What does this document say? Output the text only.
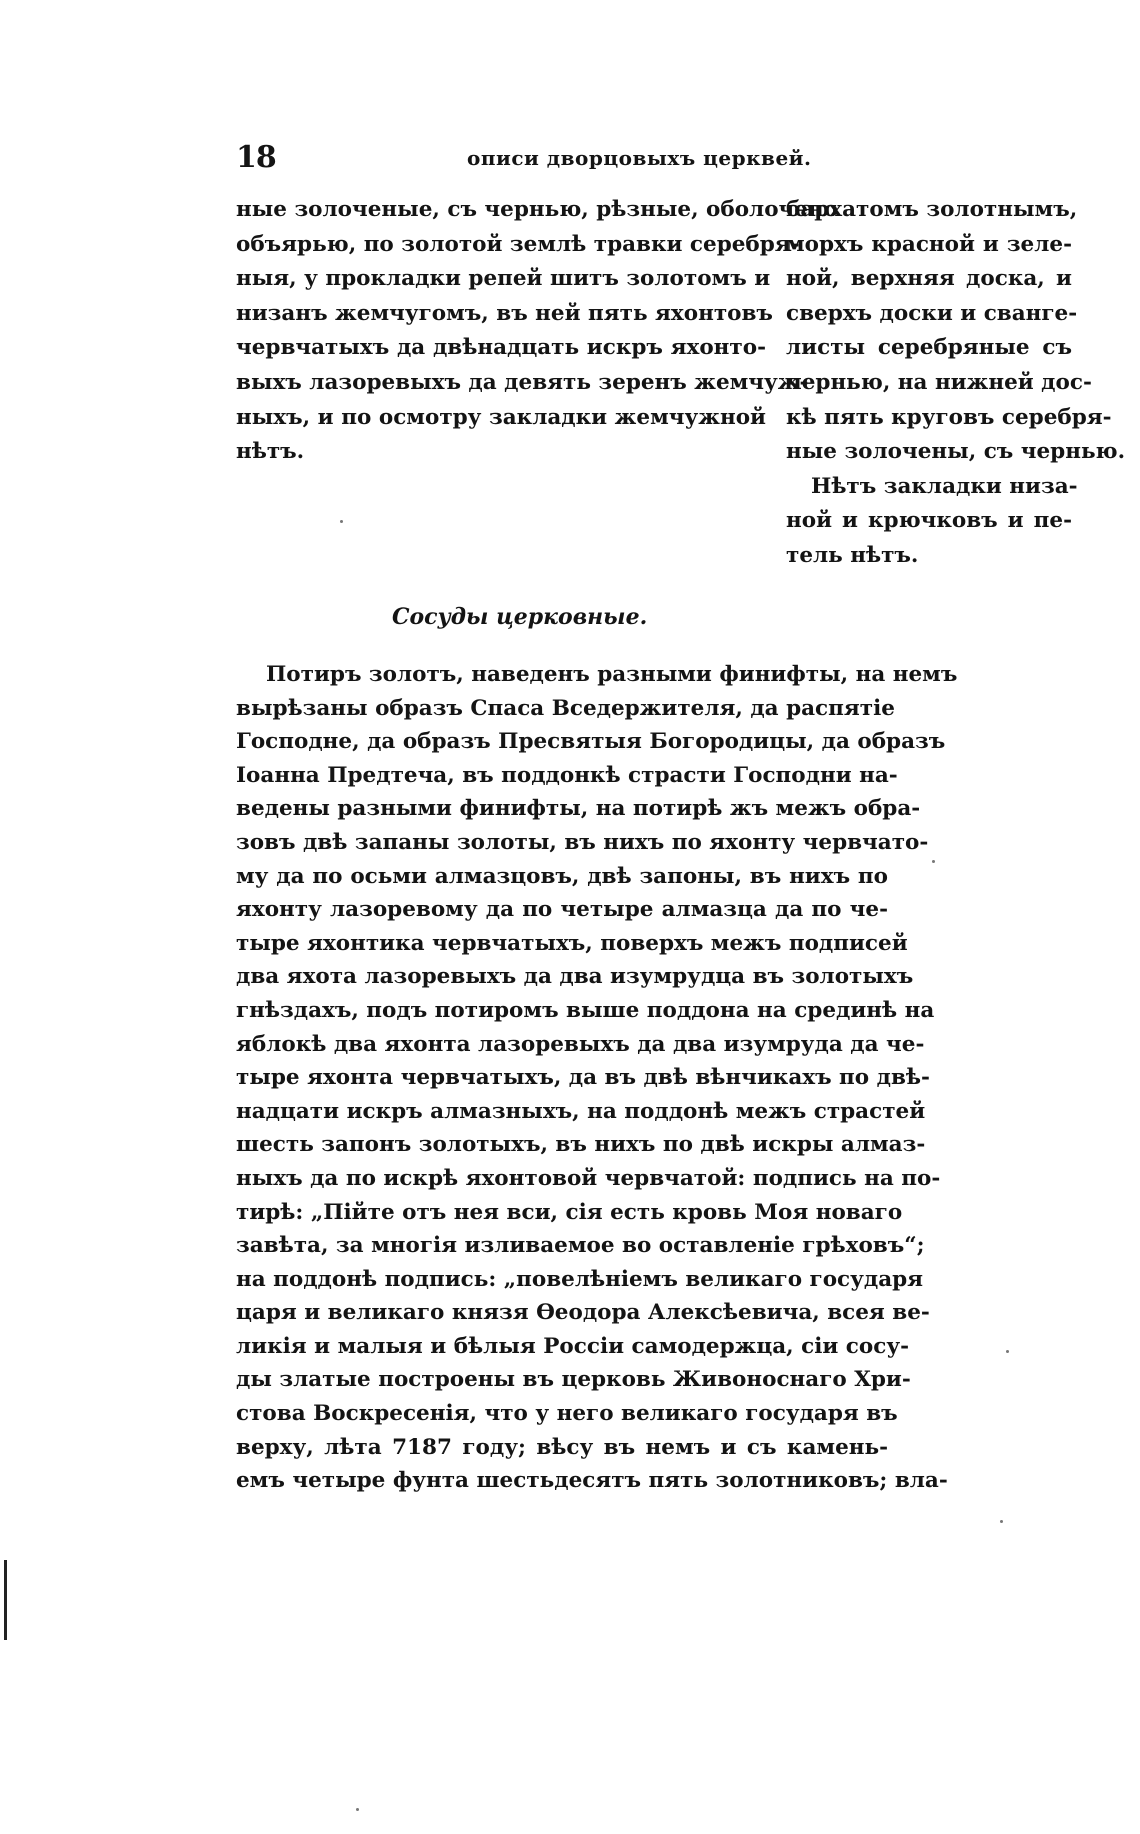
18	описи дворцовыхъ церквей.
ные золоченые, съ чернью, рѣзные, оболочено
объярью, по золотой землѣ травки серебря-
ныя, у прокладки репей шитъ золотомъ и
низанъ жемчугомъ, въ ней пять яхонтовъ
червчатыхъ да двѣнадцать искръ яхонто-
выхъ лазоревыхъ да девять зеренъ жемчуж-
ныхъ, и по осмотру закладки жемчужной
нѣтъ.
бархатомъ золотнымъ,
морхъ красной и зеле-
ной, верхняя доска, и
сверхъ доски и свангe-
листы серебряные съ
чернью, на нижней дос-
кѣ пять круговъ серебря-
ные золочены, съ чернью.
Нѣтъ закладки низа-
ной и крючковъ и пе-
тель нѣтъ.
Сосуды церковные.
Потиръ золотъ, наведенъ разными финифты, на немъ
вырѣзаны образъ Спаса Вседержителя, да распятіе
Господне, да образъ Пресвятыя Богородицы, да образъ
Іоанна Предтеча, въ поддонкѣ страсти Господни на-
ведены разными финифты, на потирѣ жъ межъ обра-
зовъ двѣ запаны золоты, въ нихъ по яхонту червчато-
му да по осьми алмазцовъ, двѣ запоны, въ нихъ по
яхонту лазоревому да по четыре алмазца да по че-
тыре яхонтика червчатыхъ, поверхъ межъ подписей
два яхота лазоревыхъ да два изумрудца въ золотыхъ
гнѣздахъ, подъ потиромъ выше поддона на срединѣ на
яблокѣ два яхонта лазоревыхъ да два изумруда да че-
тыре яхонта червчатыхъ, да въ двѣ вѣнчикахъ по двѣ-
надцати искръ алмазныхъ, на поддонѣ межъ страстей
шесть запонъ золотыхъ, въ нихъ по двѣ искры алмаз-
ныхъ да по искрѣ яхонтовой червчатой: подпись на по-
тирѣ: „Пійте отъ нея вси, сія есть кровь Моя новаго
завѣта, за многія изливаемое во оставленіе грѣховъ“;
на поддонѣ подпись: „повелѣніемъ великаго государя
царя и великаго князя Ѳеодора Алексѣевича, всея ве-
ликія и малыя и бѣлыя Россіи самодержца, сіи сосу-
ды златые построены въ церковь Живоноснаго Хри-
стова Воскресенія, что у него великаго государя въ
верху, лѣта 7187 году; вѣсу въ немъ и съ камень-
емъ четыре фунта шестьдесятъ пять золотниковъ; вла-
